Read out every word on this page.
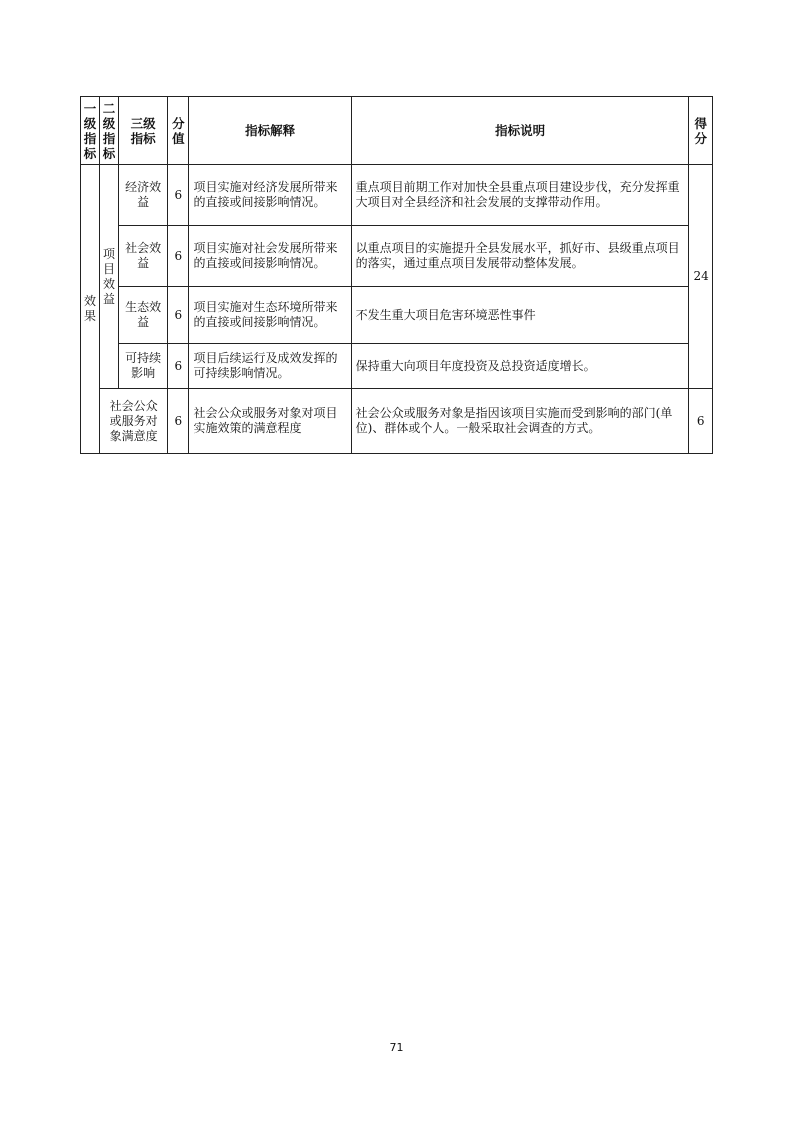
一级指标	二级指标	三级指标	分值	指标解释	指标说明	得分

效果	项目效益	经济效益	6	项目实施对经济发展所带来的直接或间接影响情况。	重点项目前期工作对加快全县重点项目建设步伐，充分发挥重大项目对全县经济和社会发展的支撑带动作用。	24
		社会效益	6	项目实施对社会发展所带来的直接或间接影响情况。	以重点项目的实施提升全县发展水平，抓好市、县级重点项目的落实，通过重点项目发展带动整体发展。	
		生态效益	6	项目实施对生态环境所带来的直接或间接影响情况。	不发生重大项目危害环境恶性事件	
		可持续影响	6	项目后续运行及成效发挥的可持续影响情况。	保持重大向项目年度投资及总投资适度增长。	
	社会公众或服务对象满意度		6	社会公众或服务对象对项目实施效策的满意程度	社会公众或服务对象是指因该项目实施而受到影响的部门(单位)、群体或个人。一般采取社会调查的方式。	6
71
